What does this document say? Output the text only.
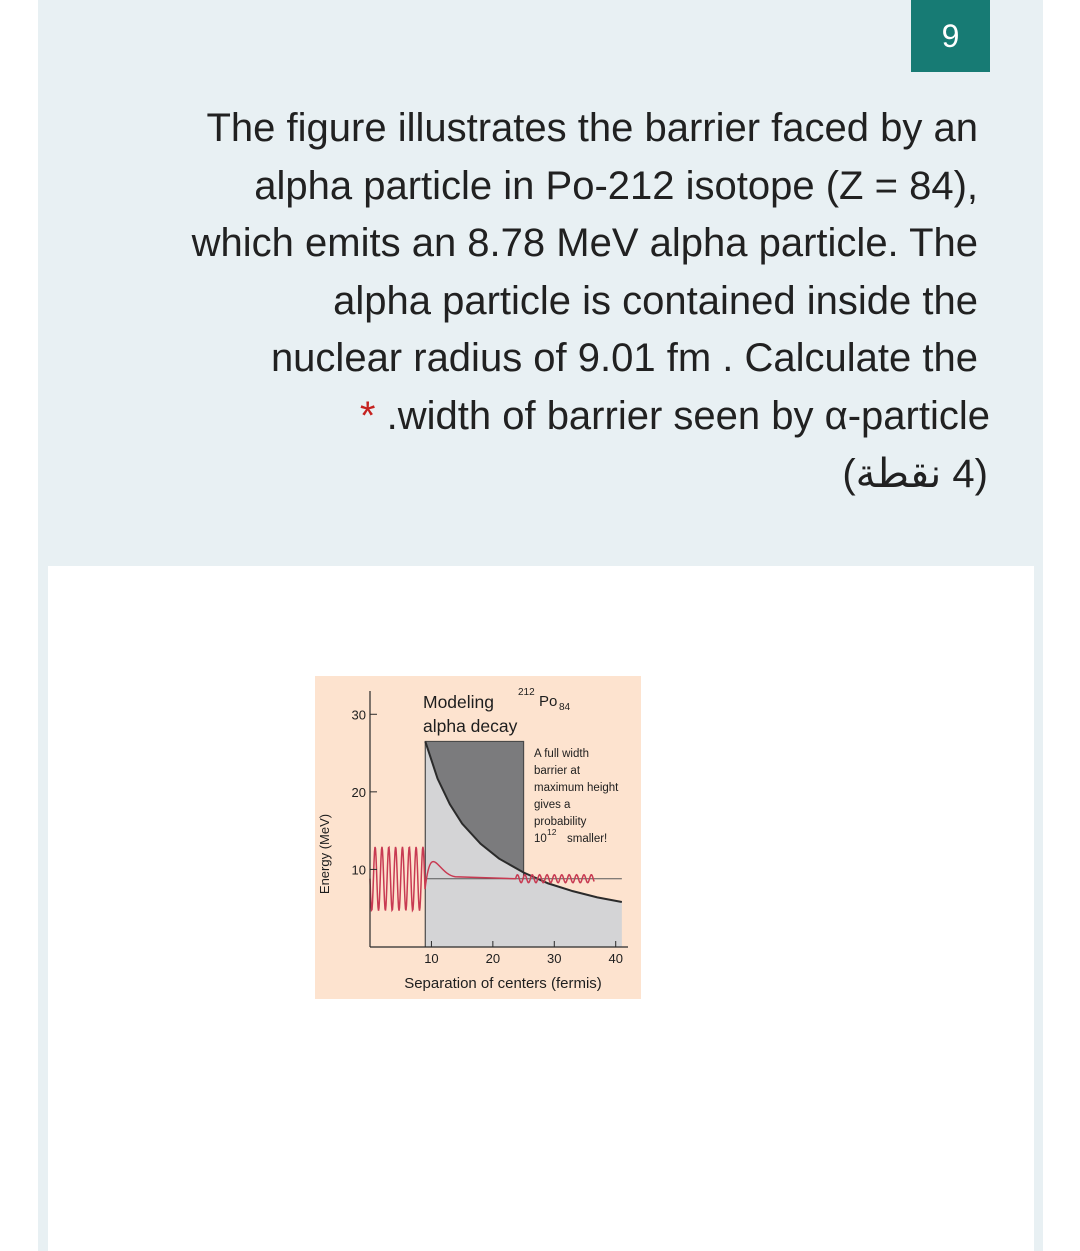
9
The figure illustrates the barrier faced by an
alpha particle in Po-212 isotope (Z = 84),
which emits an 8.78 MeV alpha particle. The
alpha particle is contained inside the
nuclear radius of 9.01 fm . Calculate the
* .width of barrier seen by α-particle
(4 نقطة)
10
20
30
10	20	30	40
Modeling
alpha decay
212
Po 84
A full width
barrier at
maximum height
gives a
probability
10
12
smaller!
Energy (MeV)
Separation of centers (fermis)
